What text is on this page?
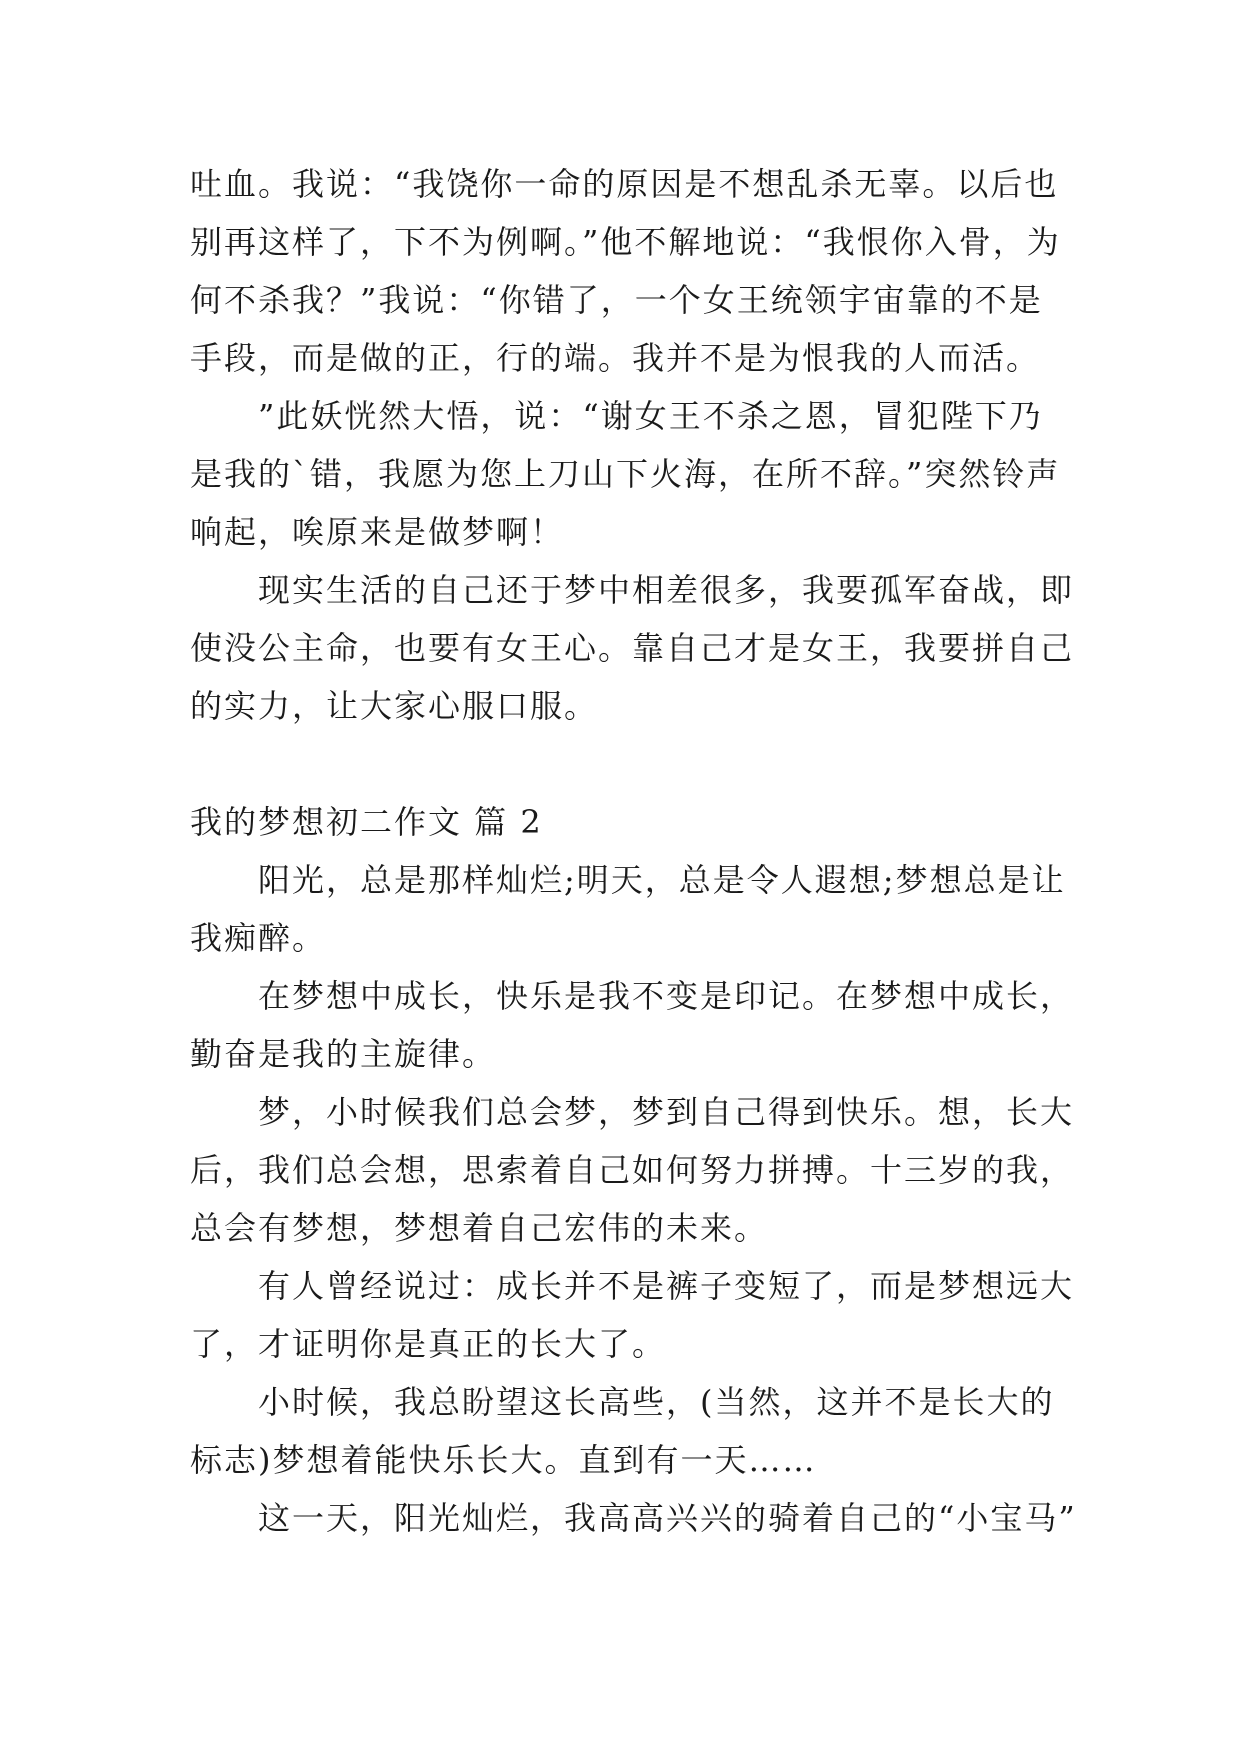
吐血。我说：“我饶你一命的原因是不想乱杀无辜。以后也
别再这样了，下不为例啊。”他不解地说：“我恨你入骨，为
何不杀我？”我说：“你错了，一个女王统领宇宙靠的不是
手段，而是做的正，行的端。我并不是为恨我的人而活。
　　”此妖恍然大悟，说：“谢女王不杀之恩，冒犯陛下乃
是我的`错，我愿为您上刀山下火海，在所不辞。”突然铃声
响起，唉原来是做梦啊！
　　现实生活的自己还于梦中相差很多，我要孤军奋战，即
使没公主命，也要有女王心。靠自己才是女王，我要拼自己
的实力，让大家心服口服。
我的梦想初二作文 篇 2
　　阳光，总是那样灿烂;明天，总是令人遐想;梦想总是让
我痴醉。
　　在梦想中成长，快乐是我不变是印记。在梦想中成长，
勤奋是我的主旋律。
　　梦，小时候我们总会梦，梦到自己得到快乐。想，长大
后，我们总会想，思索着自己如何努力拼搏。十三岁的我，
总会有梦想，梦想着自己宏伟的未来。
　　有人曾经说过：成长并不是裤子变短了，而是梦想远大
了，才证明你是真正的长大了。
　　小时候，我总盼望这长高些，(当然，这并不是长大的
标志)梦想着能快乐长大。直到有一天……
　　这一天，阳光灿烂，我高高兴兴的骑着自己的“小宝马”
